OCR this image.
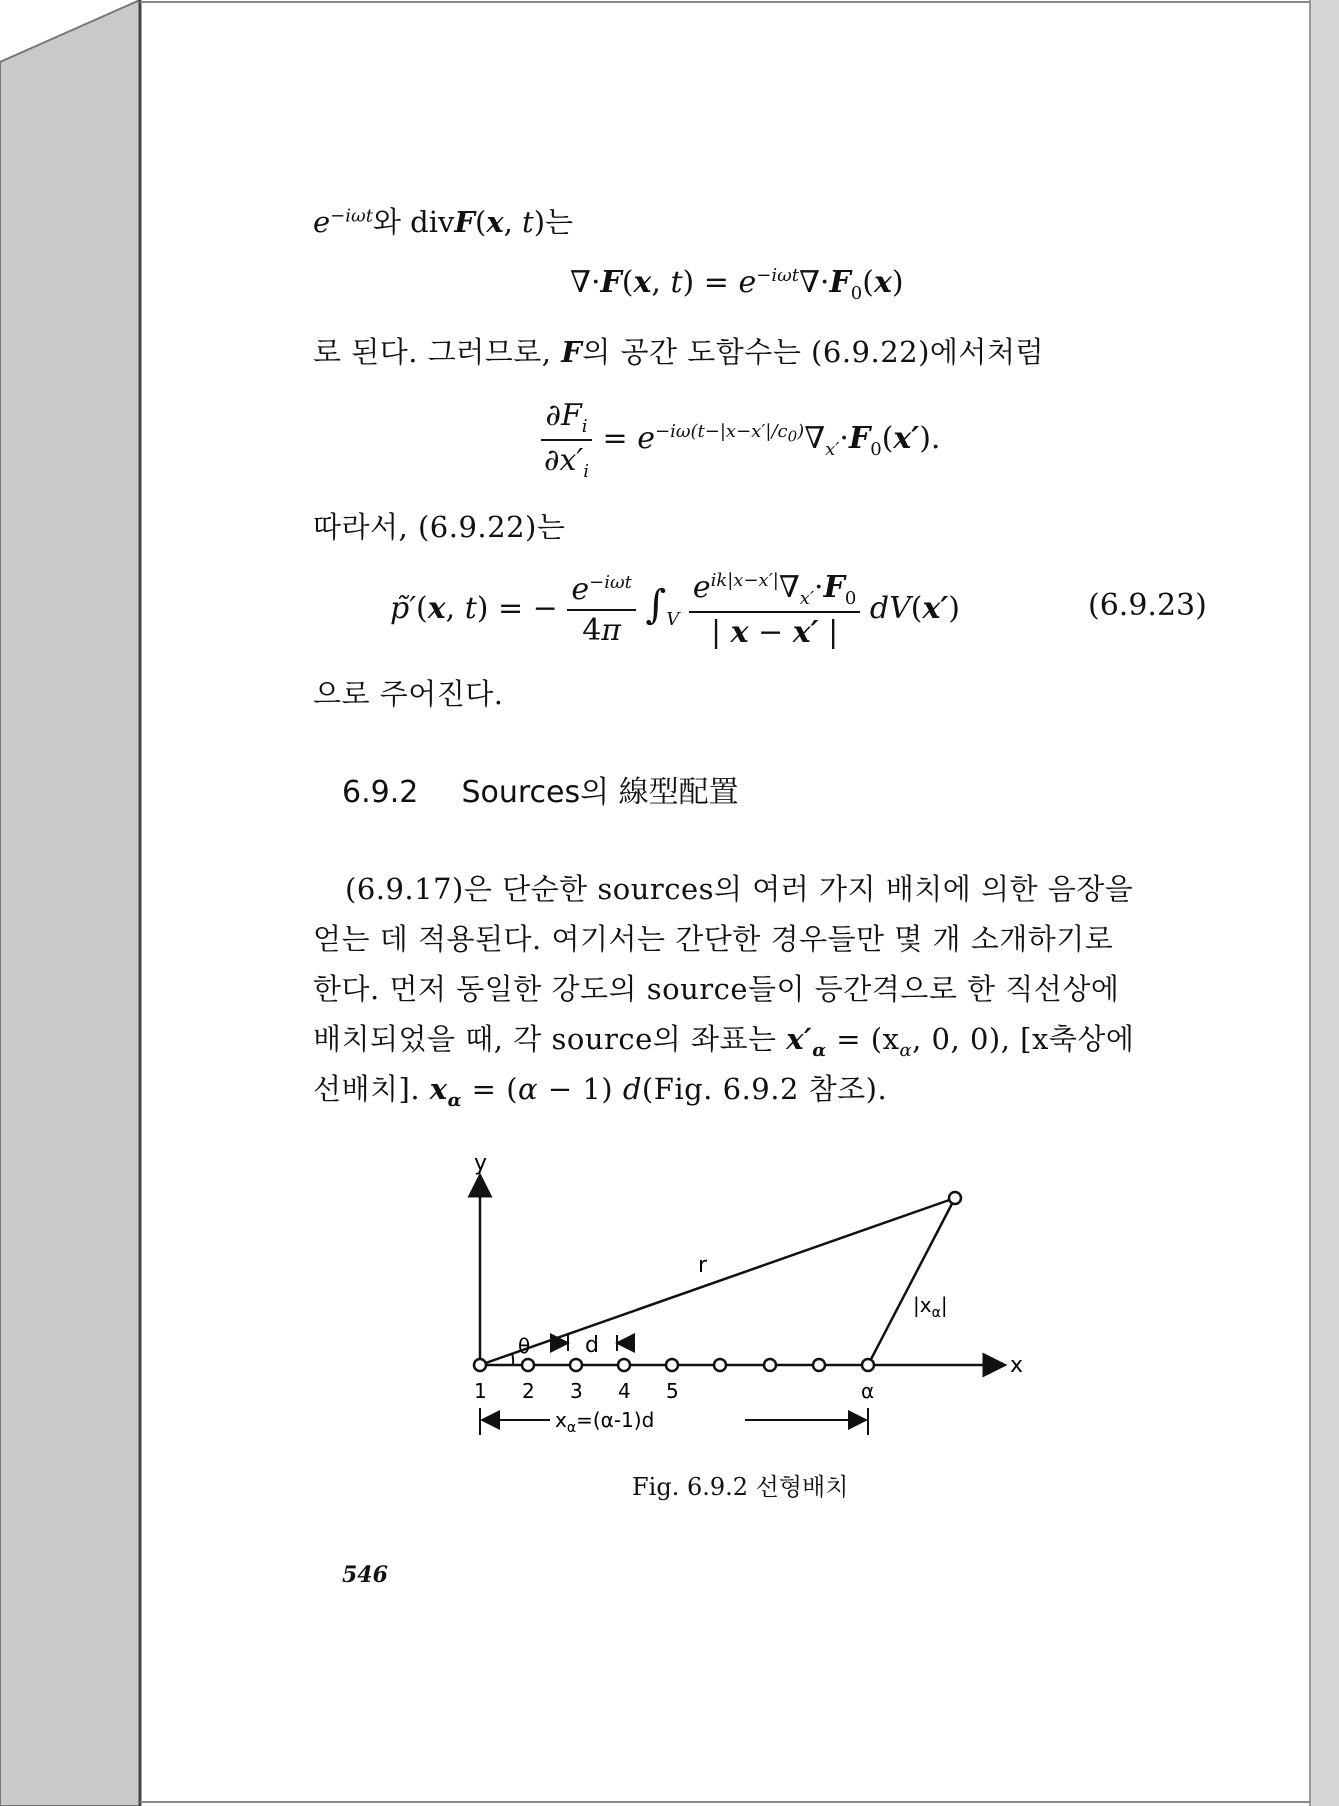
$e^{-i\omega t}$와 divF(x, t)는
∇·F(x, $t) = e^{-i\omega t}\nabla\cdot F_0(x)$
로 된다. 그러므로, F의 공간 도함수는 (6.9.22)에서처럼
$\frac{\partial F_i}{\partial x'_i} = e^{-i\omega(t-|x-x'|/c_0)}\nabla_{x'}\cdot F_0(x')$.
따라서, (6.9.22)는
p̃′(x, t) = − $\frac{e^{-i\omega t}}{4\pi} \int_V \frac{e^{ik|x-x'|}\nabla_{x'}\cdot F_0}{| x - x' |} dV(x')$	(6.9.23)
으로 주어진다.
6.9.2 Sources의 線型配置
(6.9.17)은 단순한 sources의 여러 가지 배치에 의한 음장을
얻는 데 적용된다. 여기서는 간단한 경우들만 몇 개 소개하기로
한다. 먼저 동일한 강도의 source들이 등간격으로 한 직선상에
배치되었을 때, 각 source의 좌표는 $x'_\alpha = (x_\alpha$, 0, 0), [x축상에
선배치]. $x_\alpha = (\alpha - 1)$ d(Fig. 6.9.2 참조).
y
x
r
$|x_\alpha|$
θ d
1 2 3 4 5	α
$x_\alpha=(\alpha-1)d$
Fig. 6.9.2 선형배치
546
